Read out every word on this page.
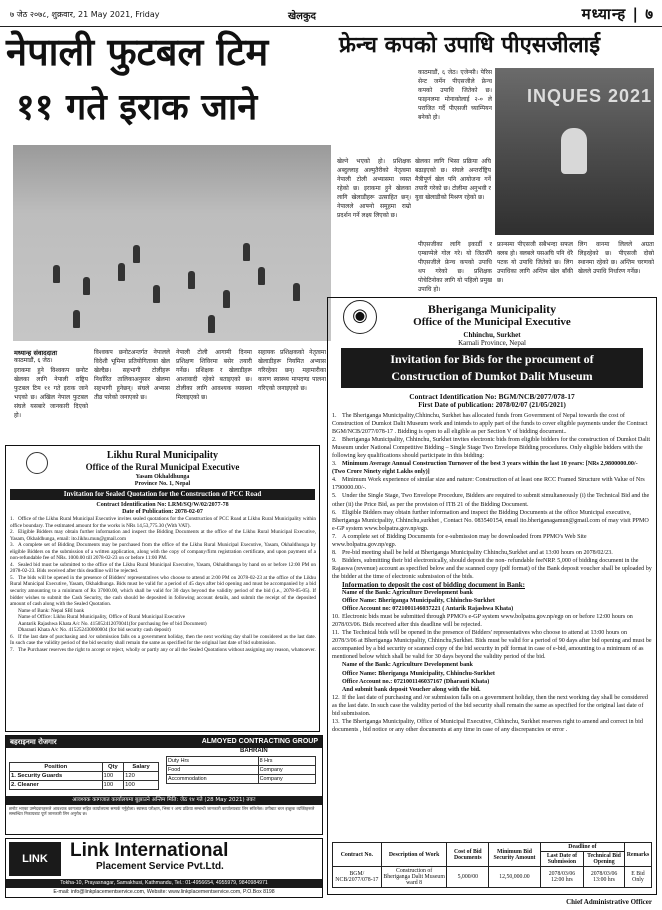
७ जेठ २०७८, शुक्रवार, 21 May 2021, Friday	खेलकुद	मध्यान्ह | ७
नेपाली फुटबल टिम
११ गते इराक जाने
खेल्ने भएको हो। प्रशिक्षक अब्दुल्लाह अल्मुतैरीको नेतृत्वमा नेपाली टोली अभ्यासमा व्यस्त रहेको छ। इराकमा हुने खेलका लागि खेलाडीहरू उत्साहित छन्। नेपालले आफ्नो समूहमा राम्रो प्रदर्शन गर्ने लक्ष्य लिएको छ।
खेलका लागि भिसा प्रक्रिया अघि बढाइएको छ। संघले अन्तर्राष्ट्रिय मैत्रीपूर्ण खेल पनि आयोजना गर्ने तयारी गरेको छ। टोलीमा अनुभवी र युवा खेलाडीको मिश्रण रहेको छ।
मध्यान्ह संवाददाता
काठमाडौं, ६ जेठ।
इराकमा हुने विश्वकप छनोट खेलका लागि नेपाली राष्ट्रिय फुटबल टिम ११ गते इराक जाने भएको छ। अखिल नेपाल फुटबल संघले यसबारे जानकारी दिएको हो।
विश्वकप छनोटअन्तर्गत नेपालले विदेशी भूमिमा प्रतियोगिताका खेल खेल्दैछ। सहभागी टोलीहरू निर्धारित तालिकाअनुसार खेलमा सहभागी हुनेछन्। संघले अभ्यास तीव्र पारेको जनाएको छ।
नेपाली टोली आगामी दिनमा प्रशिक्षण शिविरमा बसेर तयारी गर्नेछ। प्रशिक्षक र खेलाडीहरू आशावादी रहेको बताइएको छ। टोलीका लागि आवश्यक व्यवस्था मिलाइएको छ।
सहायक प्रशिक्षकको नेतृत्वमा खेलाडीहरू नियमित अभ्यास गरिरहेका छन्। महामारीका कारण स्वास्थ्य मापदण्ड पालना गरिएको जनाइएको छ।
फ्रेन्च कपको उपाधि पीएसजीलाई
काठमाडौं, ६ जेठ। एजेन्सी। पेरिस सेन्ट जर्मेन पीएसजीले फ्रेन्च कपको उपाधि जितेको छ। फाइनलमा मोनाकोलाई २-० ले पराजित गर्दै पीएसजी च्याम्पियन बनेको हो।
INQUES 2021
पीएसजीका लागि इकार्डी र एम्बाप्पेले गोल गरे। यो जितसँगै पीएसजीले फ्रेन्च कपको उपाधि थप गरेको छ। प्रशिक्षक पोचेटिनोका लागि यो पहिलो प्रमुख उपाधि हो।
फ्रान्समा पीएसजी सबैभन्दा सफल क्लब हो। क्लबले यसअघि पनि धेरै पटक यो उपाधि जितेको छ। लिग उपाधिका लागि अन्तिम खेल बाँकी छ।
लिग वानमा लिलले अग्रता लिइरहेको छ। पीएसजी दोस्रो स्थानमा रहेको छ। अन्तिम चरणको खेलले उपाधि निर्धारण गर्नेछ।
◉	Bheriganga Municipality
Office of the Municipal Executive
Chhinchu, Surkhet
Karnali Province, Nepal
Invitation for Bids for the procument of
Construction of Dumkot Dalit Museum
Contract Identification No: BGM/NCB/2077/078-17
First Date of publication: 2078/02/07 (21/05/2021)

1. The Bheriganga Municipality,Chhinchu, Surkhet has allocated funds from Government of Nepal towards the cost of Construction of Dumkot Dalit Museum work and intends to apply part of the funds to cover eligible payments under the Contract BGM/NCB/2077/078-17 . Bidding is open to all eligible as per Section V of bidding document..

2. Bheriganga Municipality, Chhinchu, Surkhet invites electronic bids from eligible bidders for the construction of Dumkot Dalit Museum under National Competitive Bidding – Single Stage Two Envelope Bidding procedures. Only eligible bidders with the following key qualifications should participate in this bidding:

3. Minimum Average Annual Construction Turnover of the best 3 years within the last 10 years: [NRs 2,9800000.00/- (Two Crore Ninety eight Lakhs only)]

4. Minimum Work experience of similar size and nature: Construction of at least one RCC Framed Structure with Value of Nrs 1790000.00/-.

5. Under the Single Stage, Two Envelope Procedure, Bidders are required to submit simultaneously (i) the Technical Bid and the other (ii) the Price Bid, as per the provision of ITB 21 of the Bidding Document.

6. Eligible Bidders may obtain further information and inspect the Bidding Documents at the office Municipal executive, Bheriganga Municipality, Chhinchu,surkhet , Contact No. 083540154, email ito.bheriganagamun@gmail.com of may visit PPMO e-GP system www.bolpatra.gov.np/egp.

7. A complete set of Bidding Documents for e-submission may be downloaded from PPMO's Web Site www.bolpatra.gov.np/egp.

8. Pre-bid meeting shall be held at Bheriganga Municipality Chhinchu,Surkhet and at 13:00 hours on 2078/02/23.

9. Bidders, submitting their bid electronically, should deposit the non- refundable feeNRP. 5,000 of bidding document in the Rajaswa (revenue) account as specified below and the scanned copy (pdf format) of the Bank deposit voucher shall be uploaded by the bidder at the time of electronic submission of the bids.

Information to deposit the cost of bidding document in Bank:

Name of the Bank: Agriculture Development bank

Office Name: Bheriganga Municipality, Chhinchu-Surkhet

Office Account no: 0721001146037221 ( Antarik Rajashwa Khata)

10. Electronic bids must be submitted through PPMO's e-GP system www.bolpatra.gov.np/egp on or before 12:00 hours on 2078/03/06. Bids received after this deadline will be rejected.

11. The Technical bids will be opened in the presence of Bidders' representatives who choose to attend at 13:00 hours on 2078/3/06 at Bheriganga Municipality, Chhinchu,Surkhet. Bids must be valid for a period of 90 days after bid opening and must be accompanied by a bid security or scanned copy of the bid security in pdf format in case of e-bid, amounting to a minimum of as mentioned below which shall be valid for 30 days beyond the validity period of the bid.

Name of the Bank: Agriculture Development bank

Office Name: Bheriganga Municipality, Chhinchu-Surkhet

Office Account no.: 0721001146037167 (Dharauti Khata)

And submit bank deposit Voucher along with the bid.

12. If the last date of purchasing and /or submission falls on a government holiday, then the next working day shall be considered as the last date. In such case the validity period of the bid security shall remain the same as specified for the original last date of bid submission.

13. The Bheriganga Municipality, Office of Municipal Executive, Chhinchu, Surkhet reserves right to amend and correct in bid documents , bid notice or any other documents at any time in case of any discrepancies or error .

Contract No.	Description of Work	Cost of Bid Documents	Minimum Bid Security Amount	Deadline of		Remarks
				Last Date of Submission	Technical Bid Opening	
BGM/ NCB/2077/078-17	Construction of Bheriganga Dalit Museum ward 8	5,000/00	12,50,000.00	2078/03/06 12:00 hrs	2078/03/06 13:00 hrs	E Bid Only
Chief Administrative Officer
Likhu Rural Municipality
Office of the Rural Municipal Executive
Yasam Okhaldhunga
Province No. 1, Nepal
Invitation for Sealed Quotation for the Construction of PCC Road
Contract Identification No: LRM/SQ/W/02/2077-78
Date of Publication: 2078-02-07
1. Office of the Likhu Rural Municipal Executive invites sealed quotations for the Construction of PCC Road at Likhu Rural Municipality within office boundary. The estimated amount for the works is NRs 14,53,775.30 (With VAT).
2. Eligible Bidders may obtain further information and inspect the Bidding Documents at the office of the Likhu Rural Municipal Executive, Yasam, Okhaldhunga, email: ito.likhu.mun@gmail.com
3. A complete set of Bidding Documents may be purchased from the office of the Likhu Rural Municipal Executive, Yasam, Okhaldhunga by eligible Bidders on the submission of a written application, along with the copy of company/firm registration certificate, and upon payment of a non-refundable fee of NRs. 1000.00 till 2078-02-23 on or before 11:00 PM.
4. Sealed bid must be submitted to the office of the Likhu Rural Municipal Executive, Yasam, Okhaldhunga by hand on or before 12:00 PM on 2078-02-23. Bids received after this deadline will be rejected.
5. The bids will be opened in the presence of Bidders' representatives who choose to attend at 2:00 PM on 2078-02-23 at the office of the Likhu Rural Municipal Executive, Yasam, Okhaldhunga. Bids must be valid for a period of 45 days after bid opening and must be accompanied by a bid security amounting to a minimum of Rs 37000.00, which shall be valid for 30 days beyond the validity period of the bid (i.e., 2078-05-05). If bidder wishes to submit the Cash Security, the cash should be deposited in following account details, and submit the receipt of the deposited amount of cash along with the Sealed Quotation.
Name of Bank: Nepal SBI bank
Name of Office: Likhu Rural Municipality, Office of Rural Municipal Executive
Aantarik Rajashwa Khata A/c No. 415052412070041(for purchasing fee of bid Document)
Dharauti Khata A/c No. 415252430000004 (for bid security cash deposit)
6. If the last date of purchasing and /or submission falls on a government holiday, then the next working day shall be considered as the last date. In such case the validity period of the bid security shall remain the same as specified for the original last date of bid submission.
7. The Purchaser reserves the right to accept or reject, wholly or partly any or all the Sealed Quotations without assigning any reason, whatsoever.
बहराइनमा रोजगार	ALMOYED CONTRACTING GROUP
BAHRAIN
Position	Qty	Salary
1. Security Guards	100	120
2. Cleaner	100	100
Duty Hrs	8 Hrs
Food	Company
Accommodation	Company
आवश्यक कागजात कार्यालयमा बुझाउने अन्तिम मिति: जेठ १४ गते (28 May 2021) तक!
छनोट भएका उम्मेदवारहरूले आवश्यक कागजात सहित कार्यालयमा सम्पर्क गर्नुहोला। स्वास्थ्य परीक्षण, भिसा र अन्य प्रक्रिया सम्बन्धी जानकारी कार्यालयबाट लिन सकिनेछ। ठगीबाट बच्न इच्छुक व्यक्तिहरूले सम्बन्धित निकायबाट पूर्ण जानकारी लिन अनुरोध छ।
LINK	Link International
Placement Service Pvt.Ltd.
Tokha-10, Prayasnagar, Samakhusi, Kathmandu, Tel.: 01-4956654, 4955979, 9840984971
E-mail: info@linkplacementservice.com, Website: www.linkplacementservice.com, P.O.Box 8198
